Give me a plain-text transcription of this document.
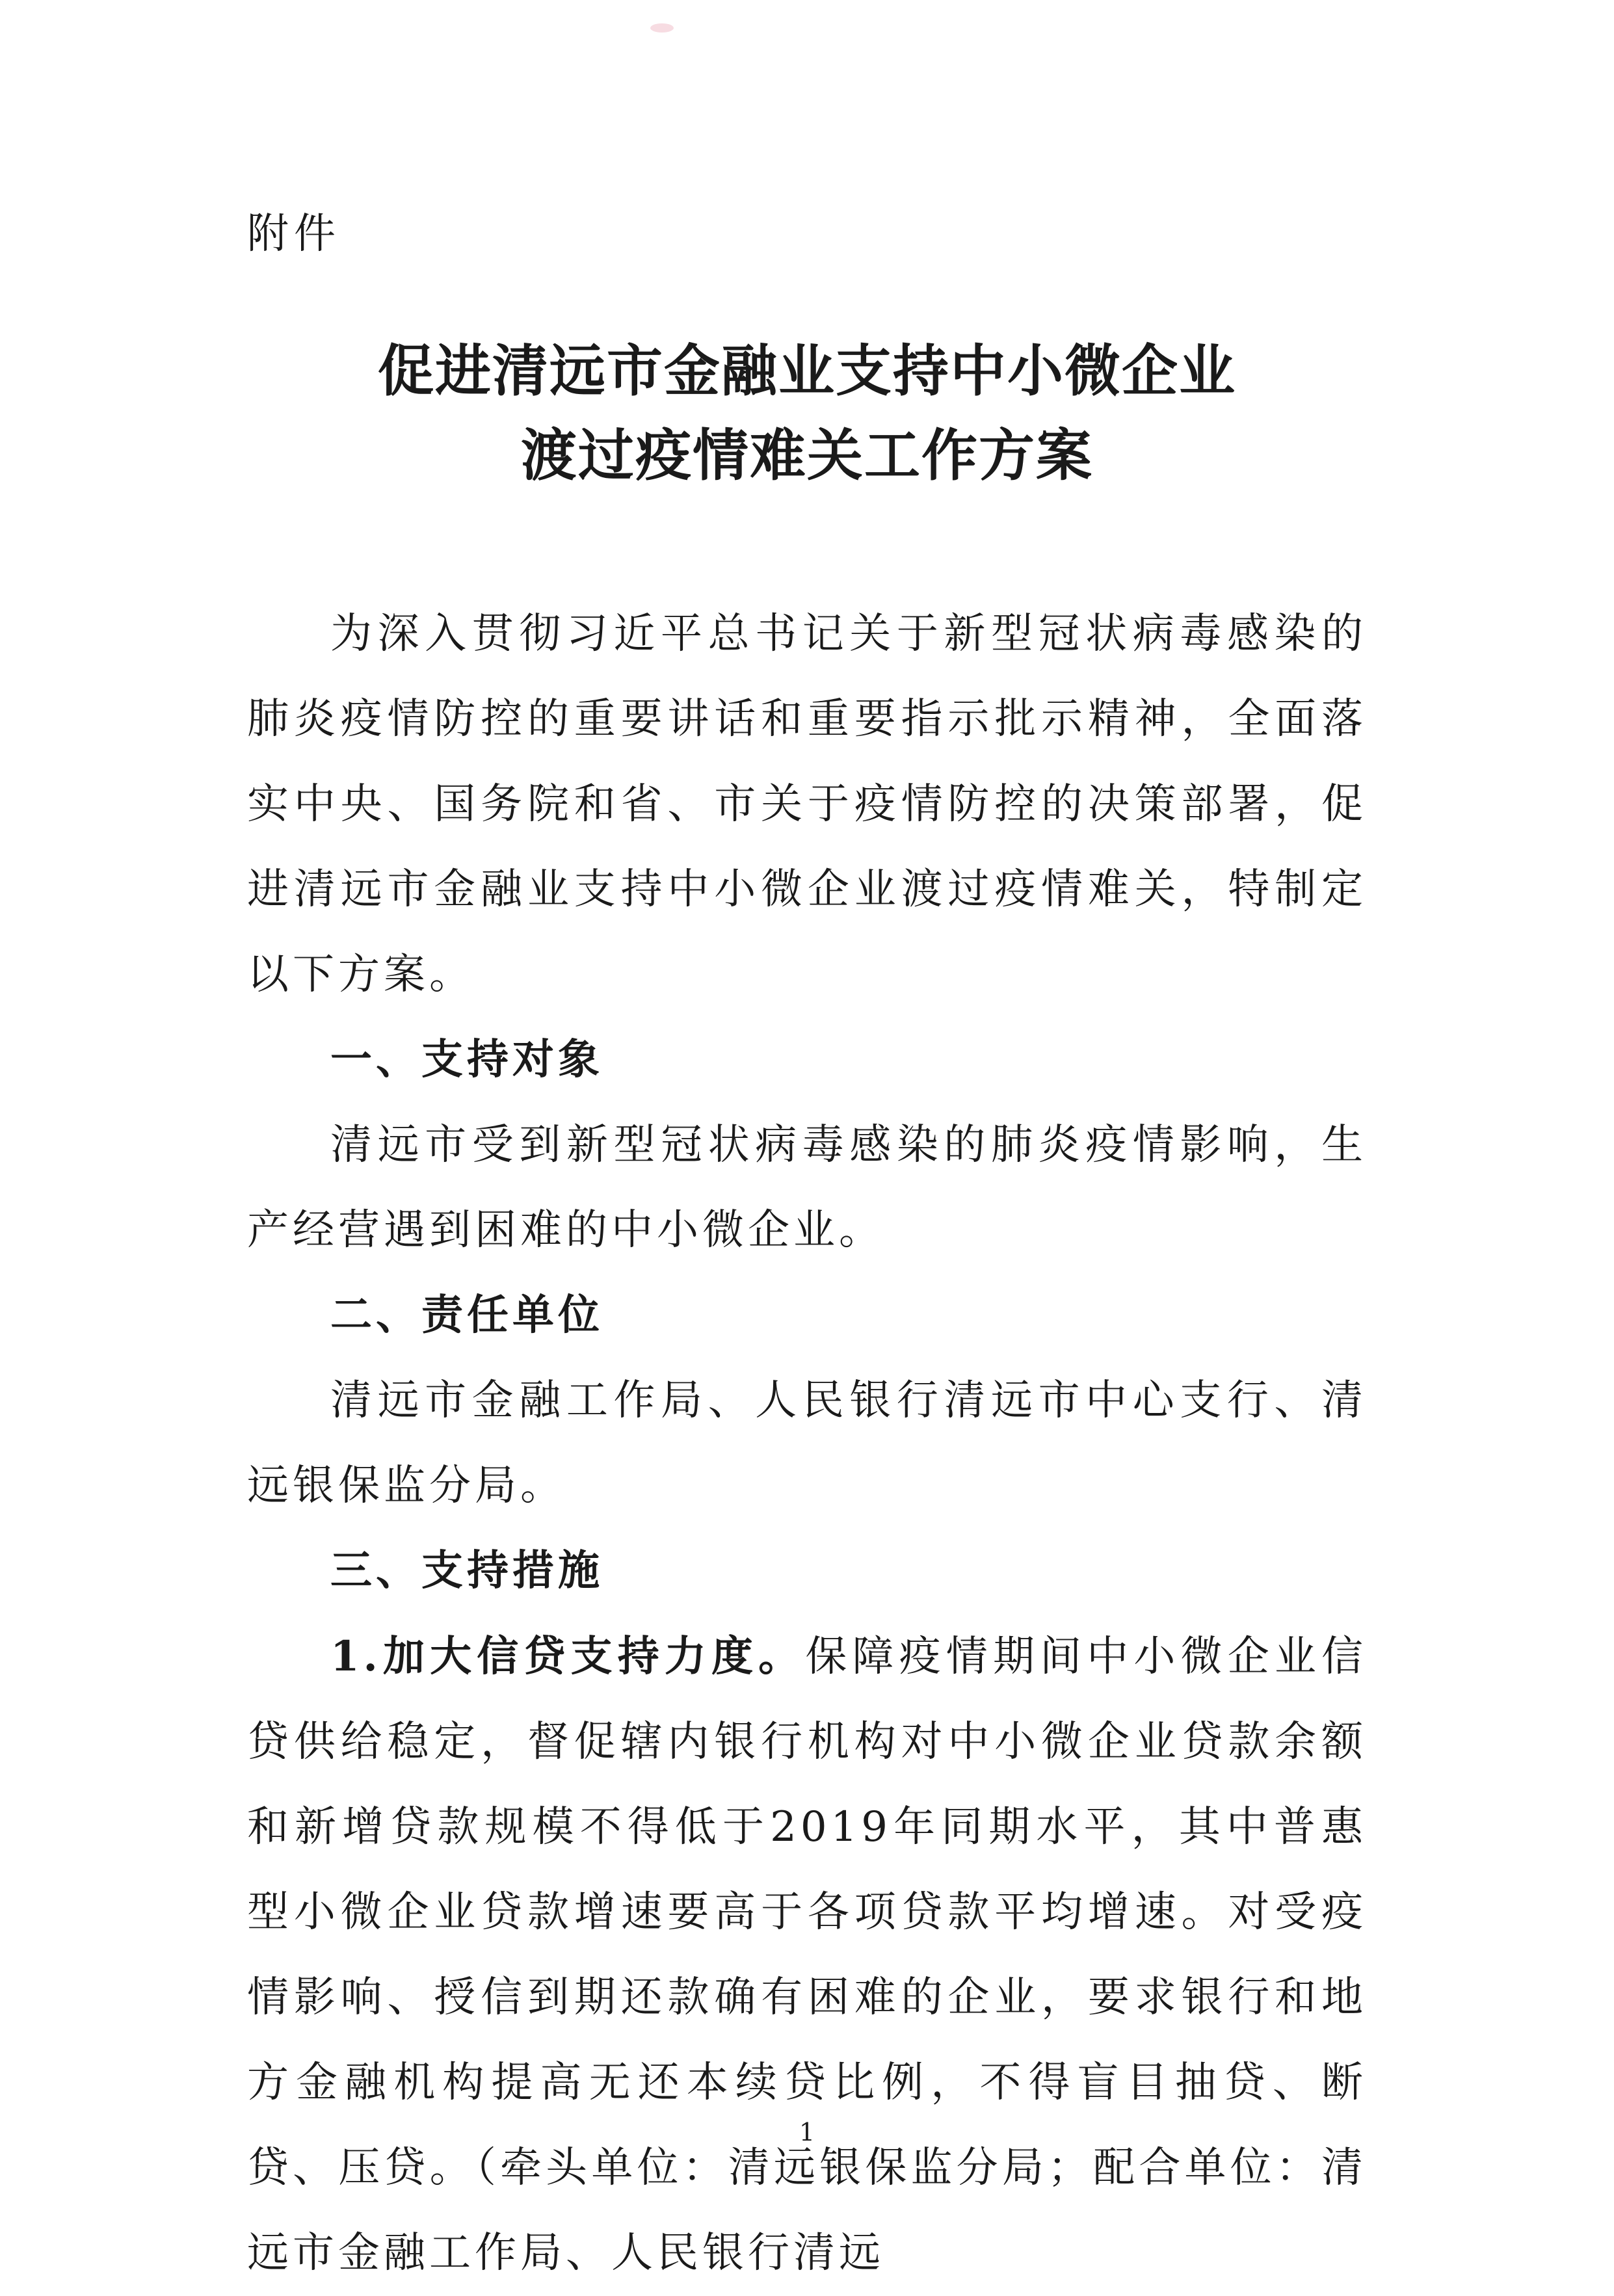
附件
促进清远市金融业支持中小微企业
渡过疫情难关工作方案

为深入贯彻习近平总书记关于新型冠状病毒感染的肺炎疫情防控的重要讲话和重要指示批示精神，全面落实中央、国务院和省、市关于疫情防控的决策部署，促进清远市金融业支持中小微企业渡过疫情难关，特制定以下方案。

一、支持对象

清远市受到新型冠状病毒感染的肺炎疫情影响，生产经营遇到困难的中小微企业。

二、责任单位

清远市金融工作局、人民银行清远市中心支行、清远银保监分局。

三、支持措施

1.加大信贷支持力度。保障疫情期间中小微企业信贷供给稳定，督促辖内银行机构对中小微企业贷款余额和新增贷款规模不得低于2019年同期水平，其中普惠型小微企业贷款增速要高于各项贷款平均增速。对受疫情影响、授信到期还款确有困难的企业，要求银行和地方金融机构提高无还本续贷比例，不得盲目抽贷、断贷、压贷。（牵头单位：清远银保监分局；配合单位：清远市金融工作局、人民银行清远

1
